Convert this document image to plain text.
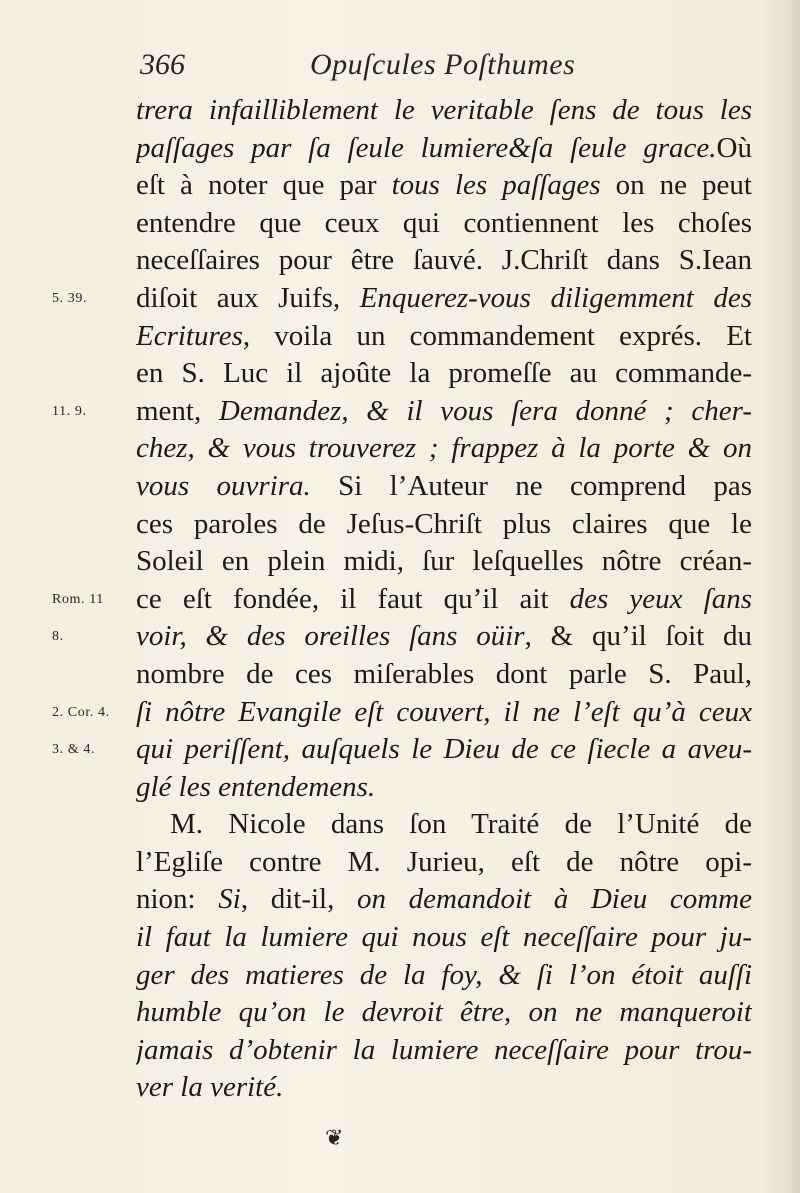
366	Opuſcules Poſthumes
trera infailliblement le veritable ſens de tous les
paſſages par ſa ſeule lumiere&ſa ſeule grace.Où
eſt à noter que par tous les paſſages on ne peut
entendre que ceux qui contiennent les choſes
neceſſaires pour être ſauvé. J.Chriſt dans S.Iean
diſoit aux Juifs, Enquerez-vous diligemment des
Ecritures, voila un commandement exprés. Et
en S. Luc il ajoûte la promeſſe au commande-
ment, Demandez, & il vous ſera donné ; cher-
chez, & vous trouverez ; frappez à la porte & on
vous ouvrira. Si l’Auteur ne comprend pas
ces paroles de Jeſus-Chriſt plus claires que le
Soleil en plein midi, ſur leſquelles nôtre créan-
ce eſt fondée, il faut qu’il ait des yeux ſans
voir, & des oreilles ſans oüir, & qu’il ſoit du
nombre de ces miſerables dont parle S. Paul,
ſi nôtre Evangile eſt couvert, il ne l’eſt qu’à ceux
qui periſſent, auſquels le Dieu de ce ſiecle a aveu-
glé les entendemens.
M. Nicole dans ſon Traité de l’Unité de
l’Egliſe contre M. Jurieu, eſt de nôtre opi-
nion: Si, dit-il, on demandoit à Dieu comme
il faut la lumiere qui nous eſt neceſſaire pour ju-
ger des matieres de la foy, & ſi l’on étoit auſſi
humble qu’on le devroit être, on ne manqueroit
jamais d’obtenir la lumiere neceſſaire pour trou-
ver la verité.
5. 39.
11. 9.
Rom. 11
8.
2. Cor. 4.
3. & 4.
❦
